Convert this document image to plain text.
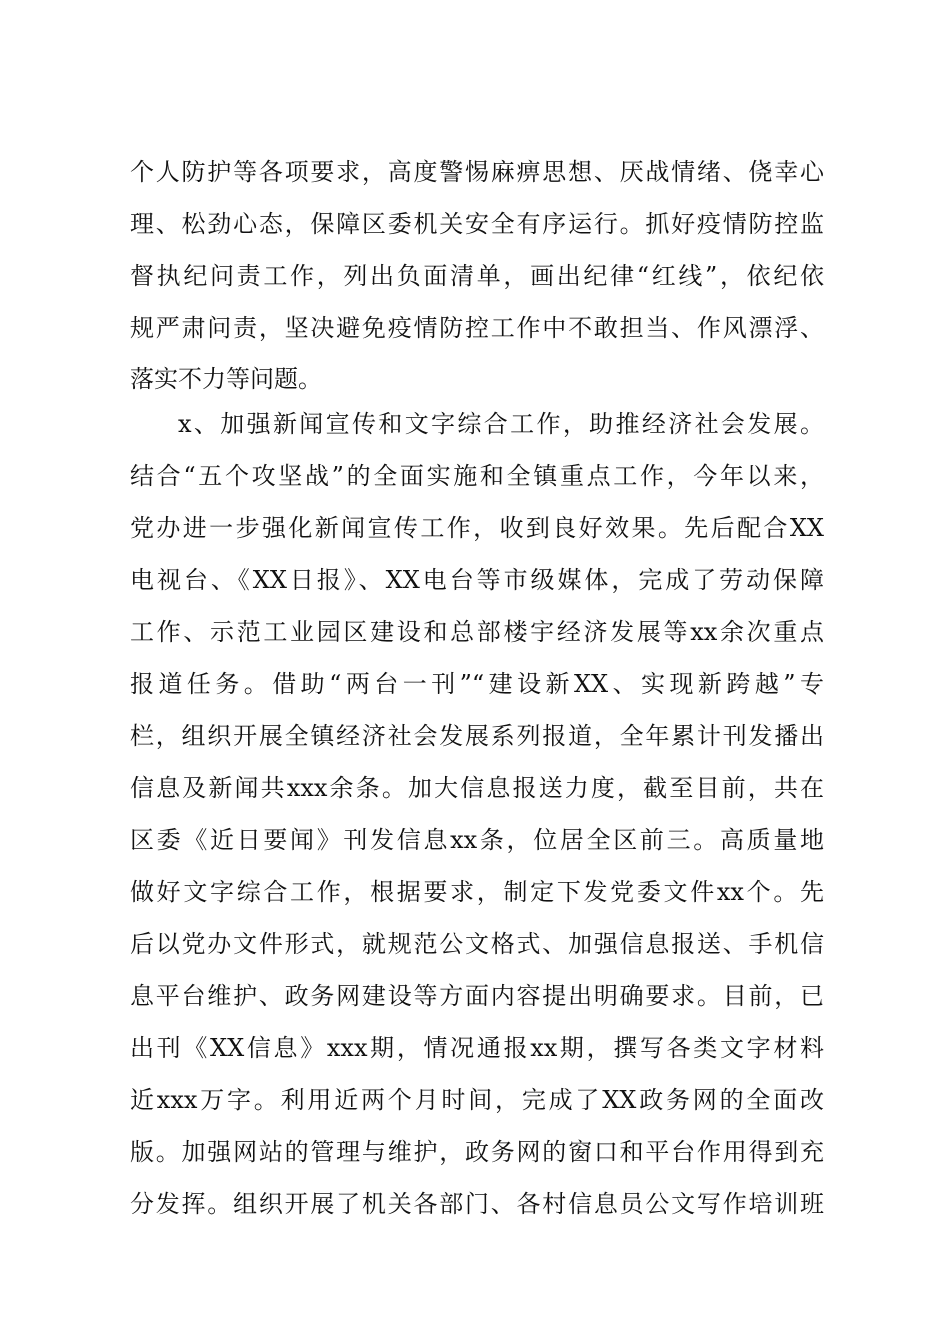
个人防护等各项要求，高度警惕麻痹思想、厌战情绪、侥幸心
理、松劲心态，保障区委机关安全有序运行。抓好疫情防控监
督执纪问责工作，列出负面清单，画出纪律“红线”，依纪依
规严肃问责，坚决避免疫情防控工作中不敢担当、作风漂浮、
落实不力等问题。
x、加强新闻宣传和文字综合工作，助推经济社会发展。
结合“五个攻坚战”的全面实施和全镇重点工作，今年以来，
党办进一步强化新闻宣传工作，收到良好效果。先后配合XX
电视台、《XX日报》、XX电台等市级媒体，完成了劳动保障
工作、示范工业园区建设和总部楼宇经济发展等xx余次重点
报道任务。借助“两台一刊”“建设新XX、实现新跨越”专
栏，组织开展全镇经济社会发展系列报道，全年累计刊发播出
信息及新闻共xxx余条。加大信息报送力度，截至目前，共在
区委《近日要闻》刊发信息xx条，位居全区前三。高质量地
做好文字综合工作，根据要求，制定下发党委文件xx个。先
后以党办文件形式，就规范公文格式、加强信息报送、手机信
息平台维护、政务网建设等方面内容提出明确要求。目前，已
出刊《XX信息》xxx期，情况通报xx期，撰写各类文字材料
近xxx万字。利用近两个月时间，完成了XX政务网的全面改
版。加强网站的管理与维护，政务网的窗口和平台作用得到充
分发挥。组织开展了机关各部门、各村信息员公文写作培训班
